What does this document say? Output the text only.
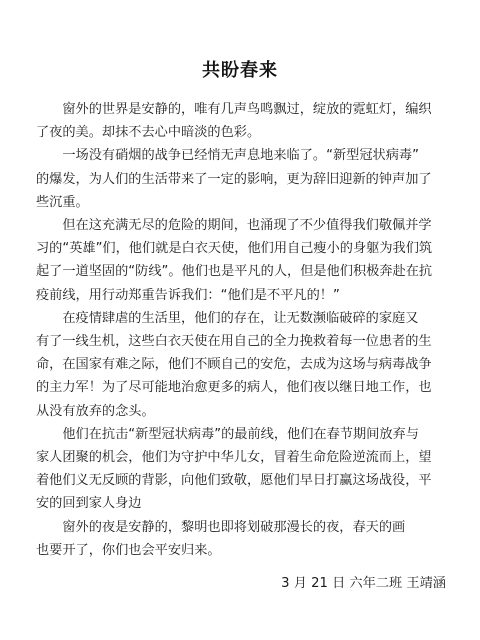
共盼春来

　　窗外的世界是安静的，唯有几声鸟鸣飘过，绽放的霓虹灯，编织
了夜的美。却抹不去心中暗淡的色彩。

　　一场没有硝烟的战争已经悄无声息地来临了。“新型冠状病毒”
的爆发，为人们的生活带来了一定的影响，更为辞旧迎新的钟声加了
些沉重。

　　但在这充满无尽的危险的期间，也涌现了不少值得我们敬佩并学
习的“英雄”们，他们就是白衣天使，他们用自己瘦小的身躯为我们筑
起了一道坚固的“防线”。他们也是平凡的人，但是他们积极奔赴在抗
疫前线，用行动郑重告诉我们：“他们是不平凡的！”

　　在疫情肆虐的生活里，他们的存在，让无数濒临破碎的家庭又
有了一线生机，这些白衣天使在用自己的全力挽救着每一位患者的生
命，在国家有难之际，他们不顾自己的安危，去成为这场与病毒战争
的主力军！为了尽可能地治愈更多的病人，他们夜以继日地工作，也
从没有放弃的念头。

　　他们在抗击“新型冠状病毒”的最前线，他们在春节期间放弃与
家人团聚的机会，他们为守护中华儿女，冒着生命危险逆流而上，望
着他们义无反顾的背影，向他们致敬，愿他们早日打赢这场战役，平
安的回到家人身边

　　窗外的夜是安静的，黎明也即将划破那漫长的夜，春天的画
也要开了，你们也会平安归来。

3 月 21 日 六年二班 王靖涵
